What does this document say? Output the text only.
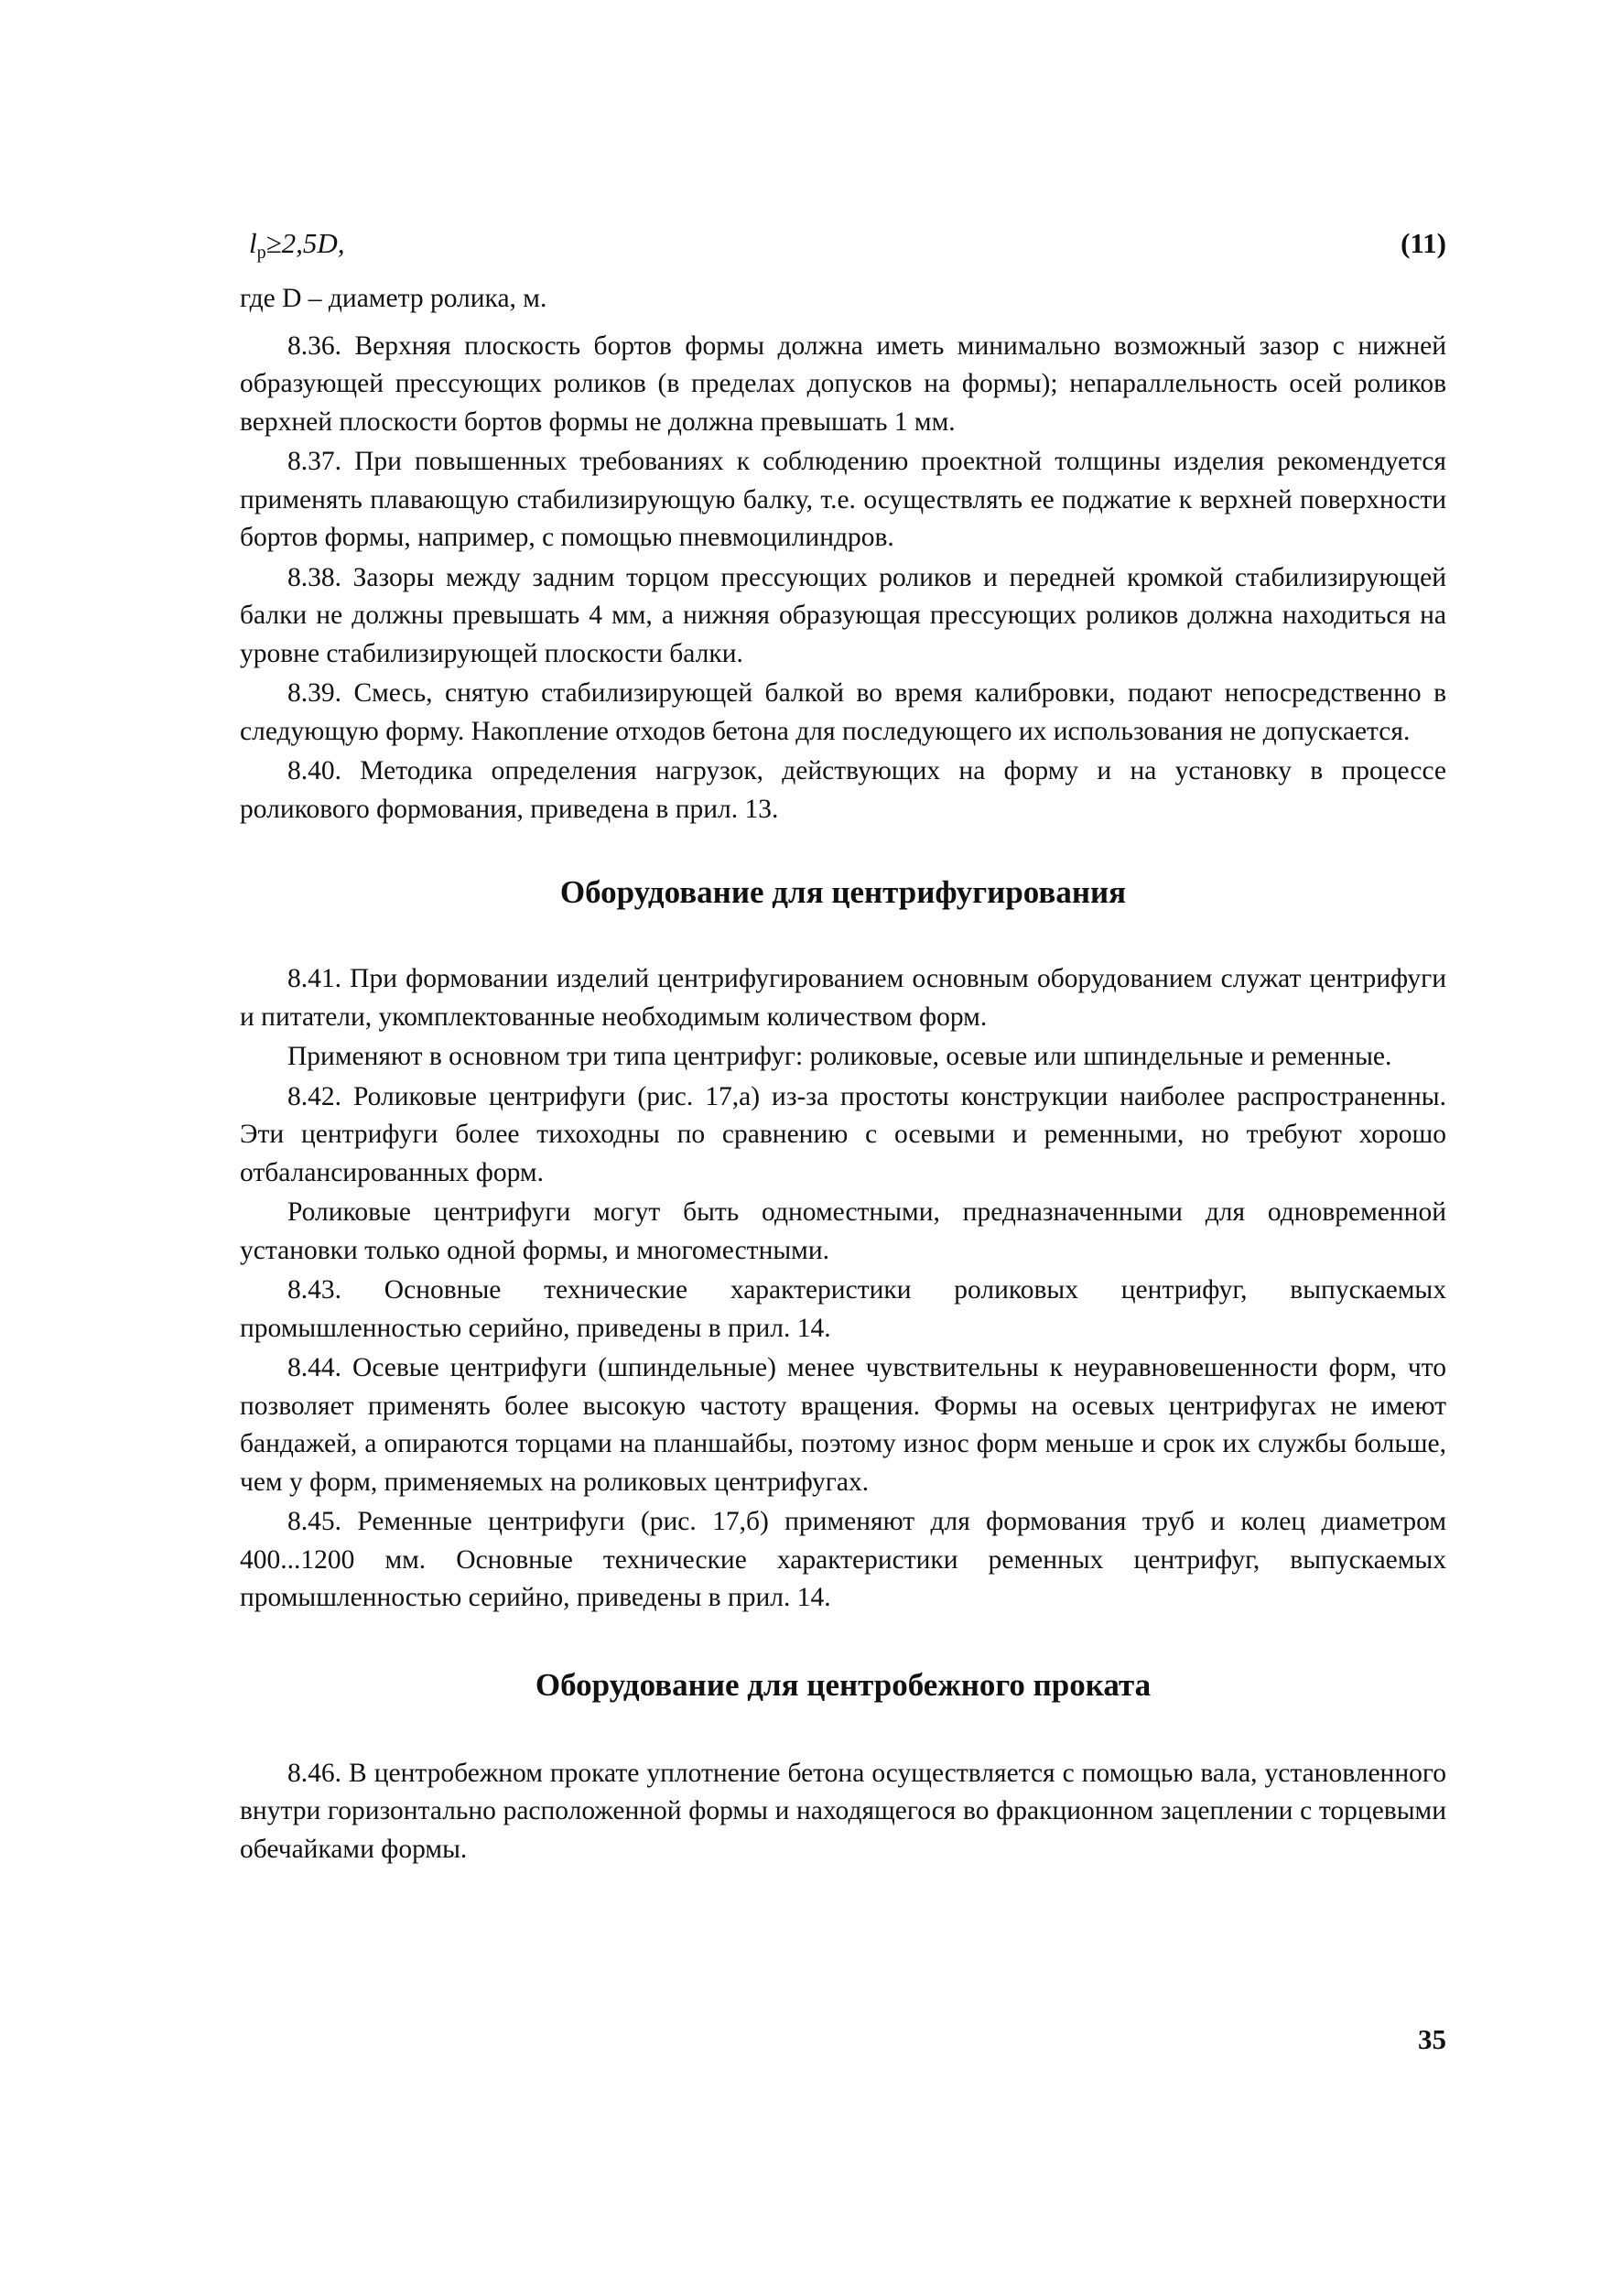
$l_p\ge 2,5D$,	(11)

где D – диаметр ролика, м.

8.36. Верхняя плоскость бортов формы должна иметь минимально возможный зазор с нижней образующей прессующих роликов (в пределах допусков на формы); непараллельность осей роликов верхней плоскости бортов формы не должна превышать 1 мм.

8.37. При повышенных требованиях к соблюдению проектной толщины изделия рекомендуется применять плавающую стабилизирующую балку, т.е. осуществлять ее поджатие к верхней поверхности бортов формы, например, с помощью пневмоцилиндров.

8.38. Зазоры между задним торцом прессующих роликов и передней кромкой стабилизирующей балки не должны превышать 4 мм, а нижняя образующая прессующих роликов должна находиться на уровне стабилизирующей плоскости балки.

8.39. Смесь, снятую стабилизирующей балкой во время калибровки, подают непосредственно в следующую форму. Накопление отходов бетона для последующего их использования не допускается.

8.40. Методика определения нагрузок, действующих на форму и на установку в процессе роликового формования, приведена в прил. 13.

Оборудование для центрифугирования

8.41. При формовании изделий центрифугированием основным оборудованием служат центрифуги и питатели, укомплектованные необходимым количеством форм.

Применяют в основном три типа центрифуг: роликовые, осевые или шпиндельные и ременные.

8.42. Роликовые центрифуги (рис. 17,а) из-за простоты конструкции наиболее распространенны. Эти центрифуги более тихоходны по сравнению с осевыми и ременными, но требуют хорошо отбалансированных форм.

Роликовые центрифуги могут быть одноместными, предназначенными для одновременной установки только одной формы, и многоместными.

8.43. Основные технические характеристики роликовых центрифуг, выпускаемых промышленностью серийно, приведены в прил. 14.

8.44. Осевые центрифуги (шпиндельные) менее чувствительны к неуравновешенности форм, что позволяет применять более высокую частоту вращения. Формы на осевых центрифугах не имеют бандажей, а опираются торцами на планшайбы, поэтому износ форм меньше и срок их службы больше, чем у форм, применяемых на роликовых центрифугах.

8.45. Ременные центрифуги (рис. 17,б) применяют для формования труб и колец диаметром 400...1200 мм. Основные технические характеристики ременных центрифуг, выпускаемых промышленностью серийно, приведены в прил. 14.

Оборудование для центробежного проката

8.46. В центробежном прокате уплотнение бетона осуществляется с помощью вала, установленного внутри горизонтально расположенной формы и находящегося во фракционном зацеплении с торцевыми обечайками формы.

35
